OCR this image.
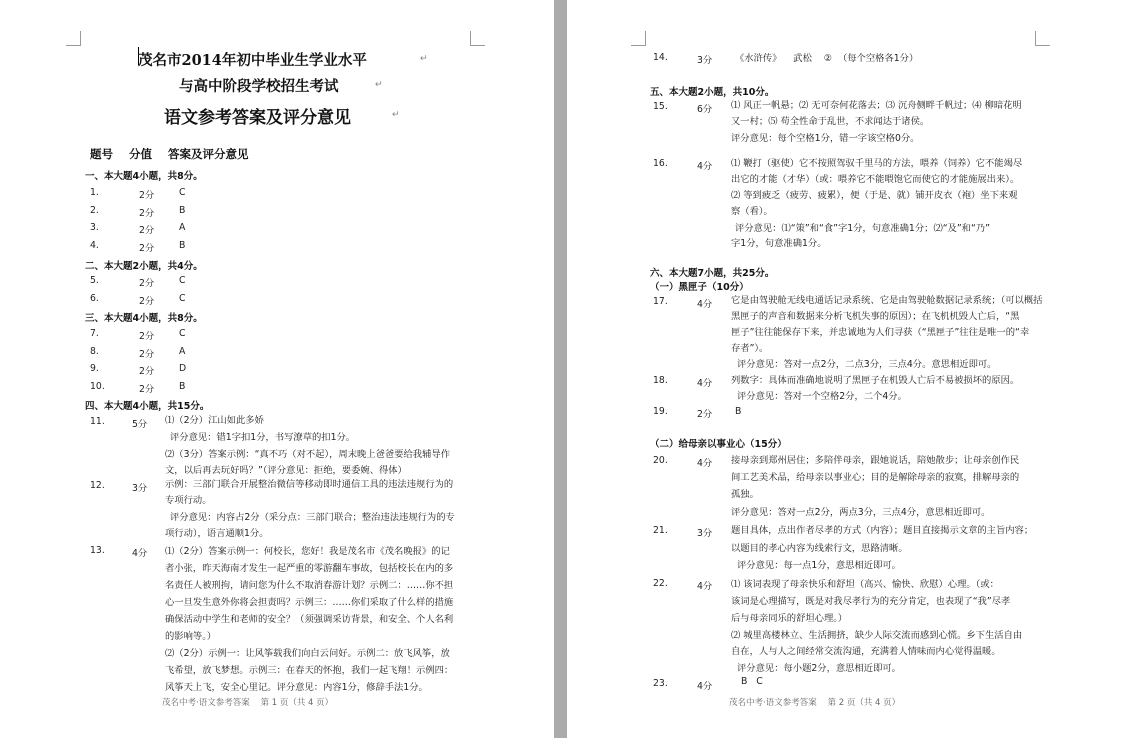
茂名市2014年初中毕业生学业水平	↵
与高中阶段学校招生考试	↵
语文参考答案及评分意见	↵
题号    分值    答案及评分意见
一、本大题4小题，共8分。
1.	2分	C
2.	2分	B
3.	2分	A
4.	2分	B
二、本大题2小题，共4分。
5.	2分	C
6.	2分	C
三、本大题4小题，共8分。
7.	2分	C
8.	2分	A
9.	2分	D
10.	2分	B
四、本大题4小题，共15分。
11.	5分 ⑴（2分）江山如此多娇
评分意见：错1字扣1分，书写潦草的扣1分。
⑵（3分）答案示例：“真不巧（对不起），周末晚上爸爸要给我辅导作
文，以后再去玩好吗？”（评分意见：拒绝，要委婉、得体）
12.	3分 示例：三部门联合开展整治微信等移动即时通信工具的违法违规行为的
专项行动。
评分意见：内容占2分（采分点：三部门联合；整治违法违规行为的专
项行动），语言通顺1分。
13.	4分 ⑴（2分）答案示例一：何校长，您好！我是茂名市《茂名晚报》的记
者小张，昨天海南才发生一起严重的零游翻车事故，包括校长在内的多
名责任人被刑拘，请问您为什么不取消春游计划？示例二：……你不担
心一旦发生意外你将会担责吗？示例三：……你们采取了什么样的措施
确保活动中学生和老师的安全？（须强调采访背景，和安全、个人名利
的影响等。）
⑵（2分）示例一：让风筝载我们向白云问好。示例二：放飞风筝，放
飞希望，放飞梦想。示例三：在春天的怀抱，我们一起飞翔！示例四：
风筝天上飞，安全心里记。评分意见：内容1分，修辞手法1分。
茂名中考·语文参考答案    第 1 页（共 4 页）
14.	3分 《水浒传》    武松    ②  （每个空格各1分）
五、本大题2小题，共10分。
15.	6分 ⑴ 风正一帆悬；⑵ 无可奈何花落去；⑶ 沉舟侧畔千帆过；⑷ 柳暗花明
又一村；⑸ 苟全性命于乱世，不求闻达于诸侯。
评分意见：每个空格1分，错一字该空格0分。
16.	4分 ⑴ 鞭打（驱使）它不按照驾驭千里马的方法，喂养（饲养）它不能竭尽
出它的才能（才华）（或：喂养它不能喂饱它而使它的才能施展出来）。
⑵ 等到疲乏（疲劳、疲累），便（于是、就）铺开皮衣（袍）坐下来观
察（看）。
评分意见：⑴“策”和“食”字1分，句意准确1分；⑵“及”和“乃”
字1分，句意准确1分。
六、本大题7小题，共25分。
（一）黑匣子（10分）
17.	4分 它是由驾驶舱无线电通话记录系统、它是由驾驶舱数据记录系统；（可以概括
黑匣子的声音和数据来分析飞机失事的原因）；在飞机机毁人亡后，“黑
匣子”往往能保存下来，并忠诚地为人们寻获（“黑匣子”往往是唯一的“幸
存者”）。
评分意见：答对一点2分，二点3分，三点4分。意思相近即可。
18.	4分 列数字：具体而准确地说明了黑匣子在机毁人亡后不易被损坏的原因。
评分意见：答对一个空格2分，二个4分。
19.	2分 B
（二）给母亲以事业心（15分）
20.	4分 接母亲到郑州居住；多陪伴母亲，跟她说话，陪她散步；让母亲创作民
间工艺美术品，给母亲以事业心；目的是解除母亲的寂寞，排解母亲的
孤独。
评分意见：答对一点2分，两点3分，三点4分，意思相近即可。
21.	3分 题目具体，点出作者尽孝的方式（内容）；题目直接揭示文章的主旨内容；
以题目的孝心内容为线索行文，思路清晰。
评分意见：每一点1分，意思相近即可。
22.	4分 ⑴ 该词表现了母亲快乐和舒坦（高兴、愉快、欣慰）心理。（或：
该词是心理描写，既是对我尽孝行为的充分肯定，也表现了“我”尽孝
后与母亲同乐的舒坦心理。）
⑵ 城里高楼林立、生活拥挤，缺少人际交流而感到心慌。乡下生活自由
自在，人与人之间经常交流沟通，充满着人情味而内心觉得温暖。
评分意见：每小题2分，意思相近即可。
23.	4分	B   C
茂名中考·语文参考答案    第 2 页（共 4 页）
